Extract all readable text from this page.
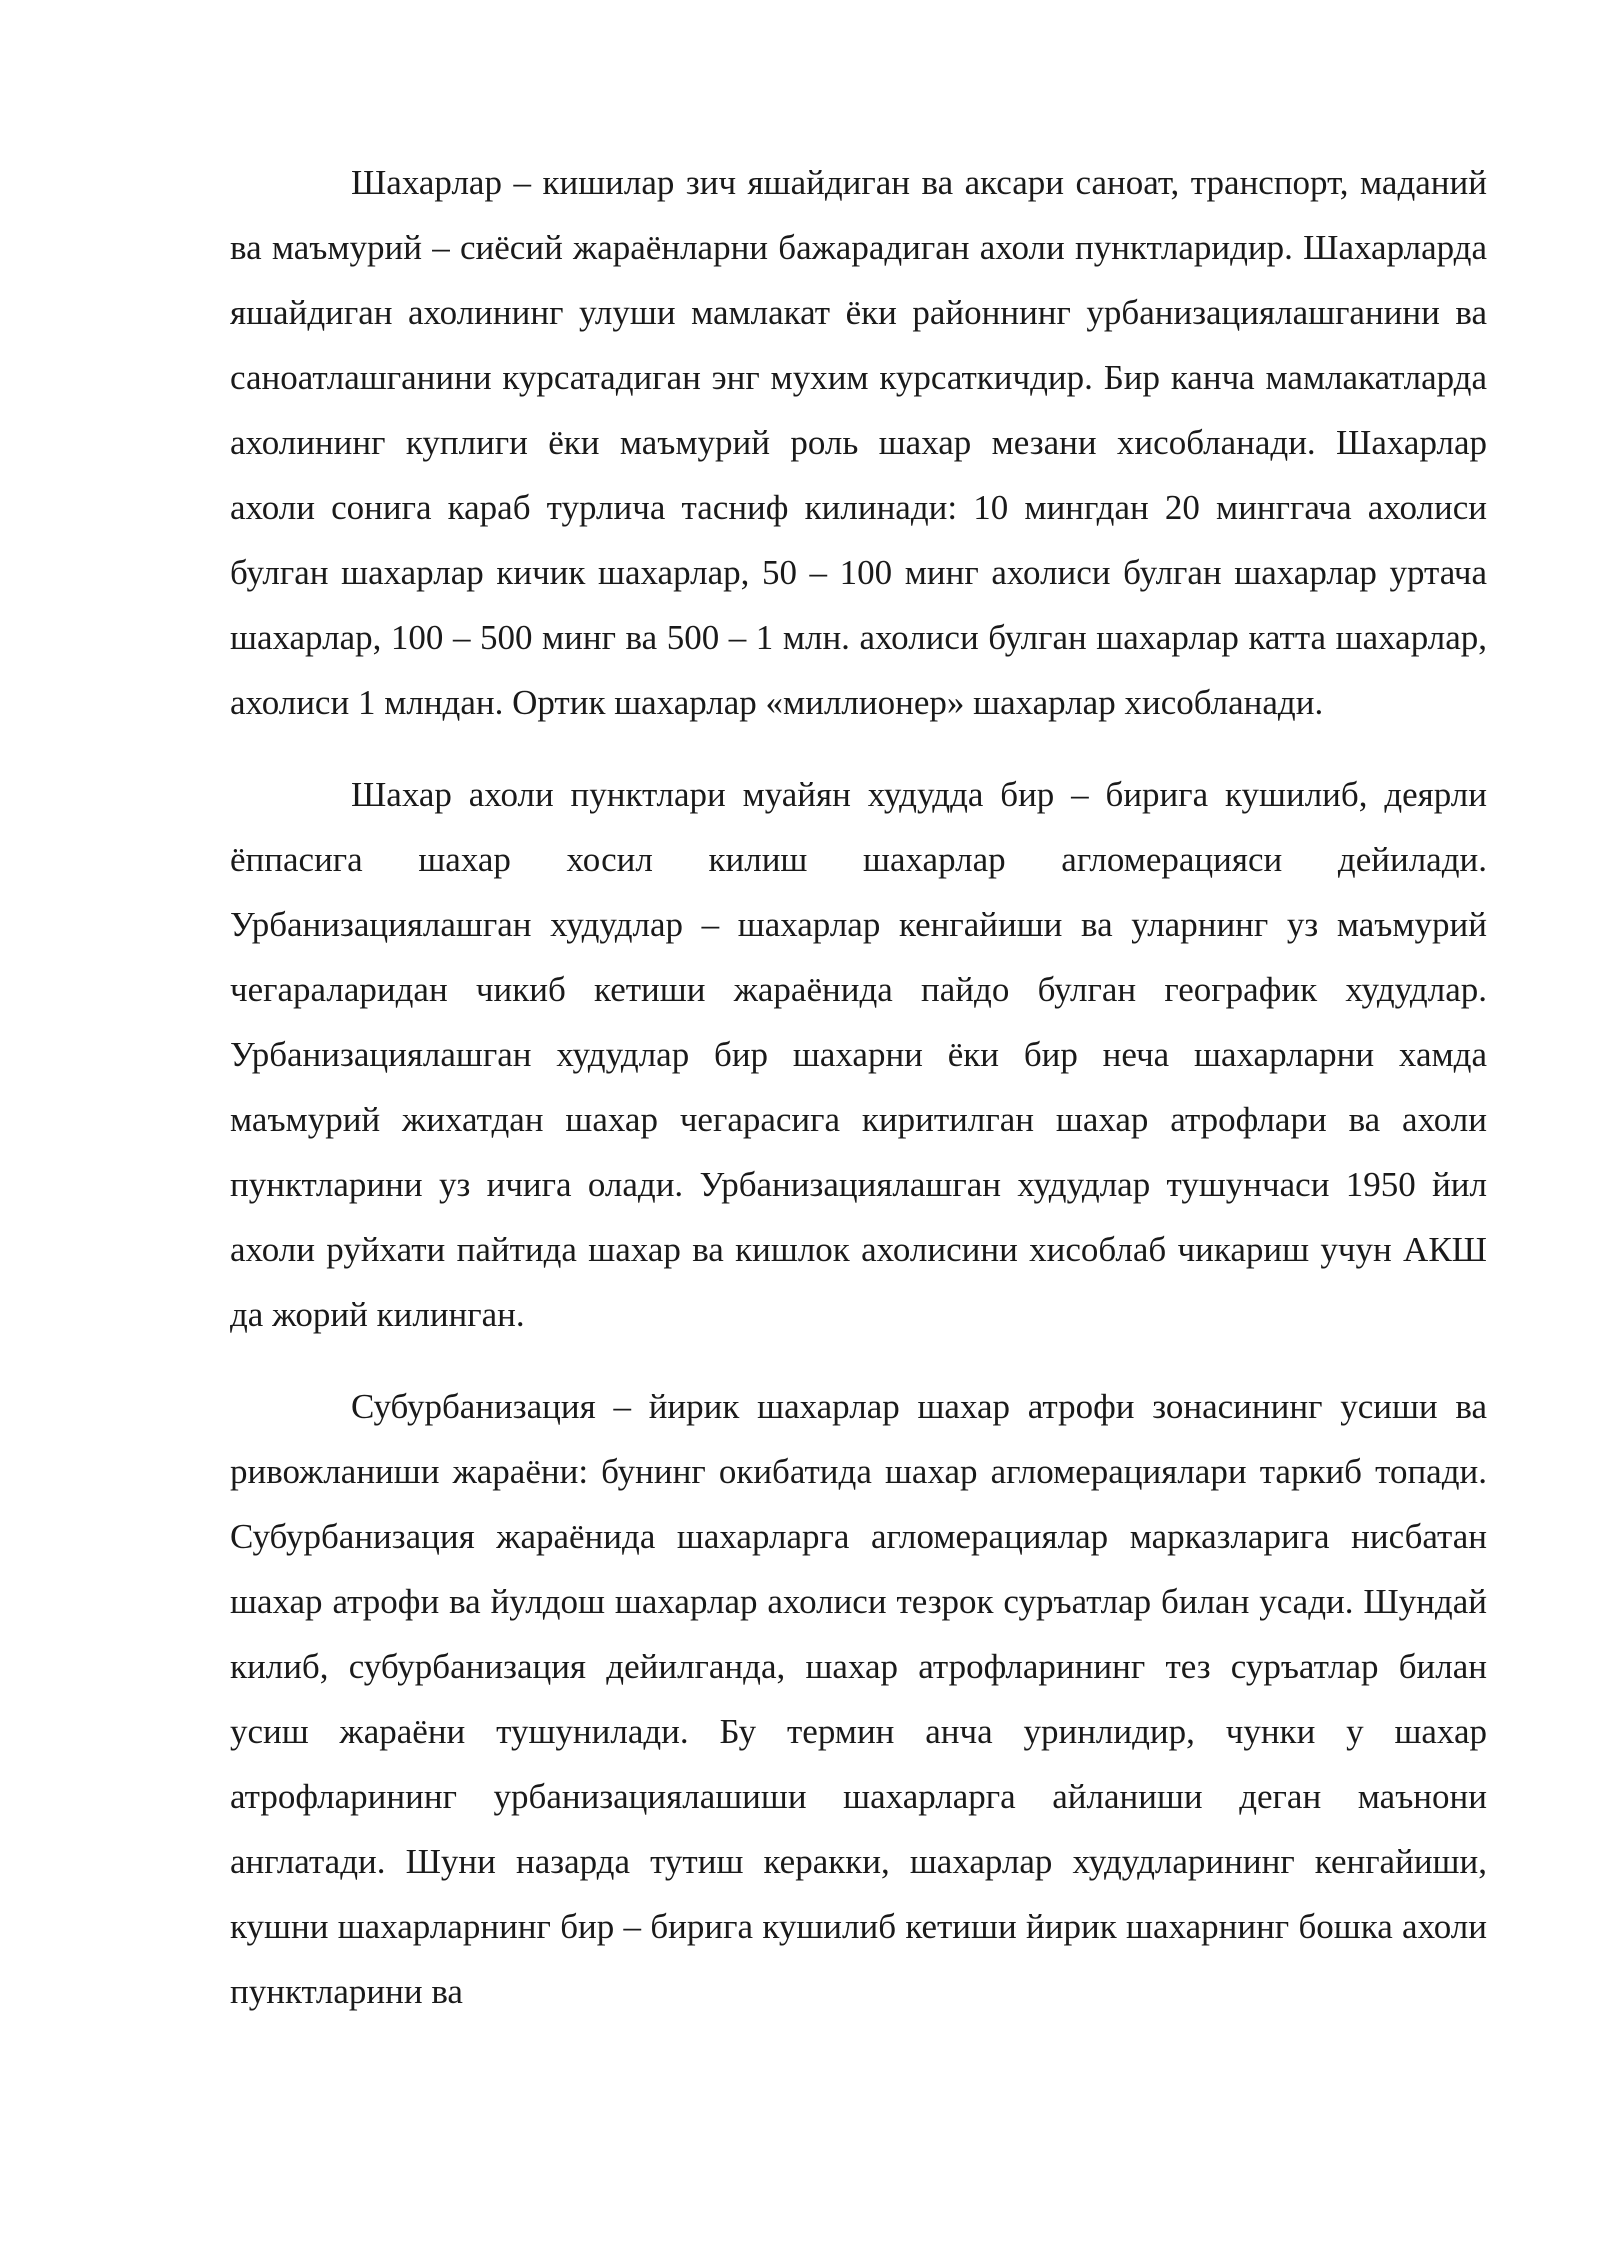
Шахарлар – кишилар зич яшайдиган ва аксари саноат, транспорт, маданий ва маъмурий – сиёсий жараёнларни бажарадиган ахоли пунктларидир. Шахарларда яшайдиган ахолининг улуши мамлакат ёки районнинг урбанизациялашганини ва саноатлашганини курсатадиган энг мухим курсаткичдир. Бир канча мамлакатларда ахолининг куплиги ёки маъмурий роль шахар мезани хисобланади. Шахарлар ахоли сонига караб турлича тасниф килинади: 10 мингдан 20 минггача ахолиси булган шахарлар кичик шахарлар, 50 – 100 минг ахолиси булган шахарлар уртача шахарлар, 100 – 500 минг ва 500 – 1 млн. ахолиси булган шахарлар катта шахарлар, ахолиси 1 млндан. Ортик шахарлар «миллионер» шахарлар хисобланади.

Шахар ахоли пунктлари муайян худудда бир – бирига кушилиб, деярли ёппасига шахар хосил килиш шахарлар агломерацияси дейилади. Урбанизациялашган худудлар – шахарлар кенгайиши ва уларнинг уз маъмурий чегараларидан чикиб кетиши жараёнида пайдо булган географик худудлар. Урбанизациялашган худудлар бир шахарни ёки бир неча шахарларни хамда маъмурий жихатдан шахар чегарасига киритилган шахар атрофлари ва ахоли пунктларини уз ичига олади. Урбанизациялашган худудлар тушунчаси 1950 йил ахоли руйхати пайтида шахар ва кишлок ахолисини хисоблаб чикариш учун АКШ да жорий килинган.

Субурбанизация – йирик шахарлар шахар атрофи зонасининг усиши ва ривожланиши жараёни: бунинг окибатида шахар агломерациялари таркиб топади. Субурбанизация жараёнида шахарларга агломерациялар марказларига нисбатан шахар атрофи ва йулдош шахарлар ахолиси тезрок суръатлар билан усади. Шундай килиб, субурбанизация дейилганда, шахар атрофларининг тез суръатлар билан усиш жараёни тушунилади. Бу термин анча уринлидир, чунки у шахар атрофларининг урбанизациялашиши шахарларга айланиши деган маънони англатади. Шуни назарда тутиш керакки, шахарлар худудларининг кенгайиши, кушни шахарларнинг бир – бирига кушилиб кетиши йирик шахарнинг бошка ахоли пунктларини ва
